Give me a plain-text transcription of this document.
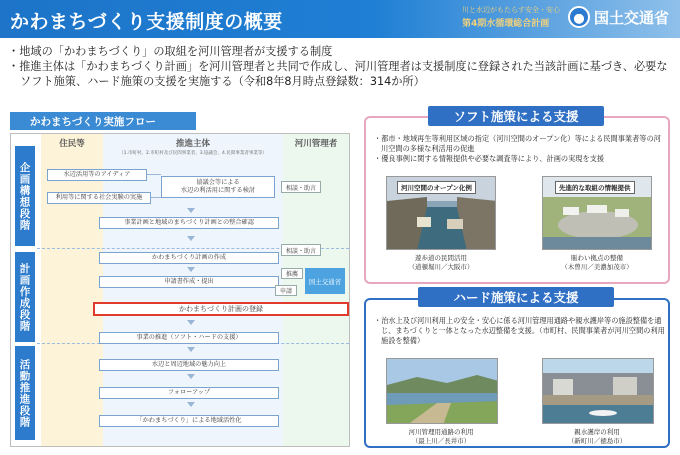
かわまちづくり支援制度の概要
川と水辺がもたらす安全・安心
第4期水循環総合計画	国土交通省

・地域の「かわまちづくり」の取組を河川管理者が支援する制度

・推進主体は「かわまちづくり計画」を河川管理者と共同で作成し、河川管理者は支援制度に登録された当該計画に基づき、必要なソフト施策、ハード施策の支援を実施する（令和8年8月時点登録数：314か所）

かわまちづくり実施フロー
住民等	推進主体
（1.市町村、2.市町村及び民間事業者、3.協議会、4.民間事業者事業等）
河川管理者
企画構想段階
計画作成段階
活動推進段階
水辺活用等のアイディア
利用等に関する社会実験の実施
協議会等による
水辺の利活用に関する検討	相談・助言
事業計画と地域のまちづくり計画との整合確認
かわまちづくり計画の作成
相談・助言
申請書作成・提出
推薦
申請
国土交通省
かわまちづくり計画の登録
事業の推進（ソフト・ハードの支援）
水辺と周辺地域の魅力向上
フォローアップ
「かわまちづくり」による地域活性化

・都市・地域再生等利用区域の指定（河川空間のオープン化）等による民間事業者等の河川空間の多様な利活用の促進

・優良事例に関する情報提供や必要な調査等により、計画の実現を支援

河川空間のオープン化例
遊歩道の民間活用
（道頓堀川／大阪市）
先進的な取組の情報提供
賑わい拠点の整備
（木曽川／美濃加茂市）
ソフト施策による支援

・治水上及び河川利用上の安全・安心に係る河川管理用通路や親水護岸等の施設整備を通じ、まちづくりと一体となった水辺整備を支援。（市町村、民間事業者が河川空間の利用施設を整備）

河川管理用通路の利用
（最上川／長井市）
親水護岸の利用
（新町川／徳島市）
ハード施策による支援
